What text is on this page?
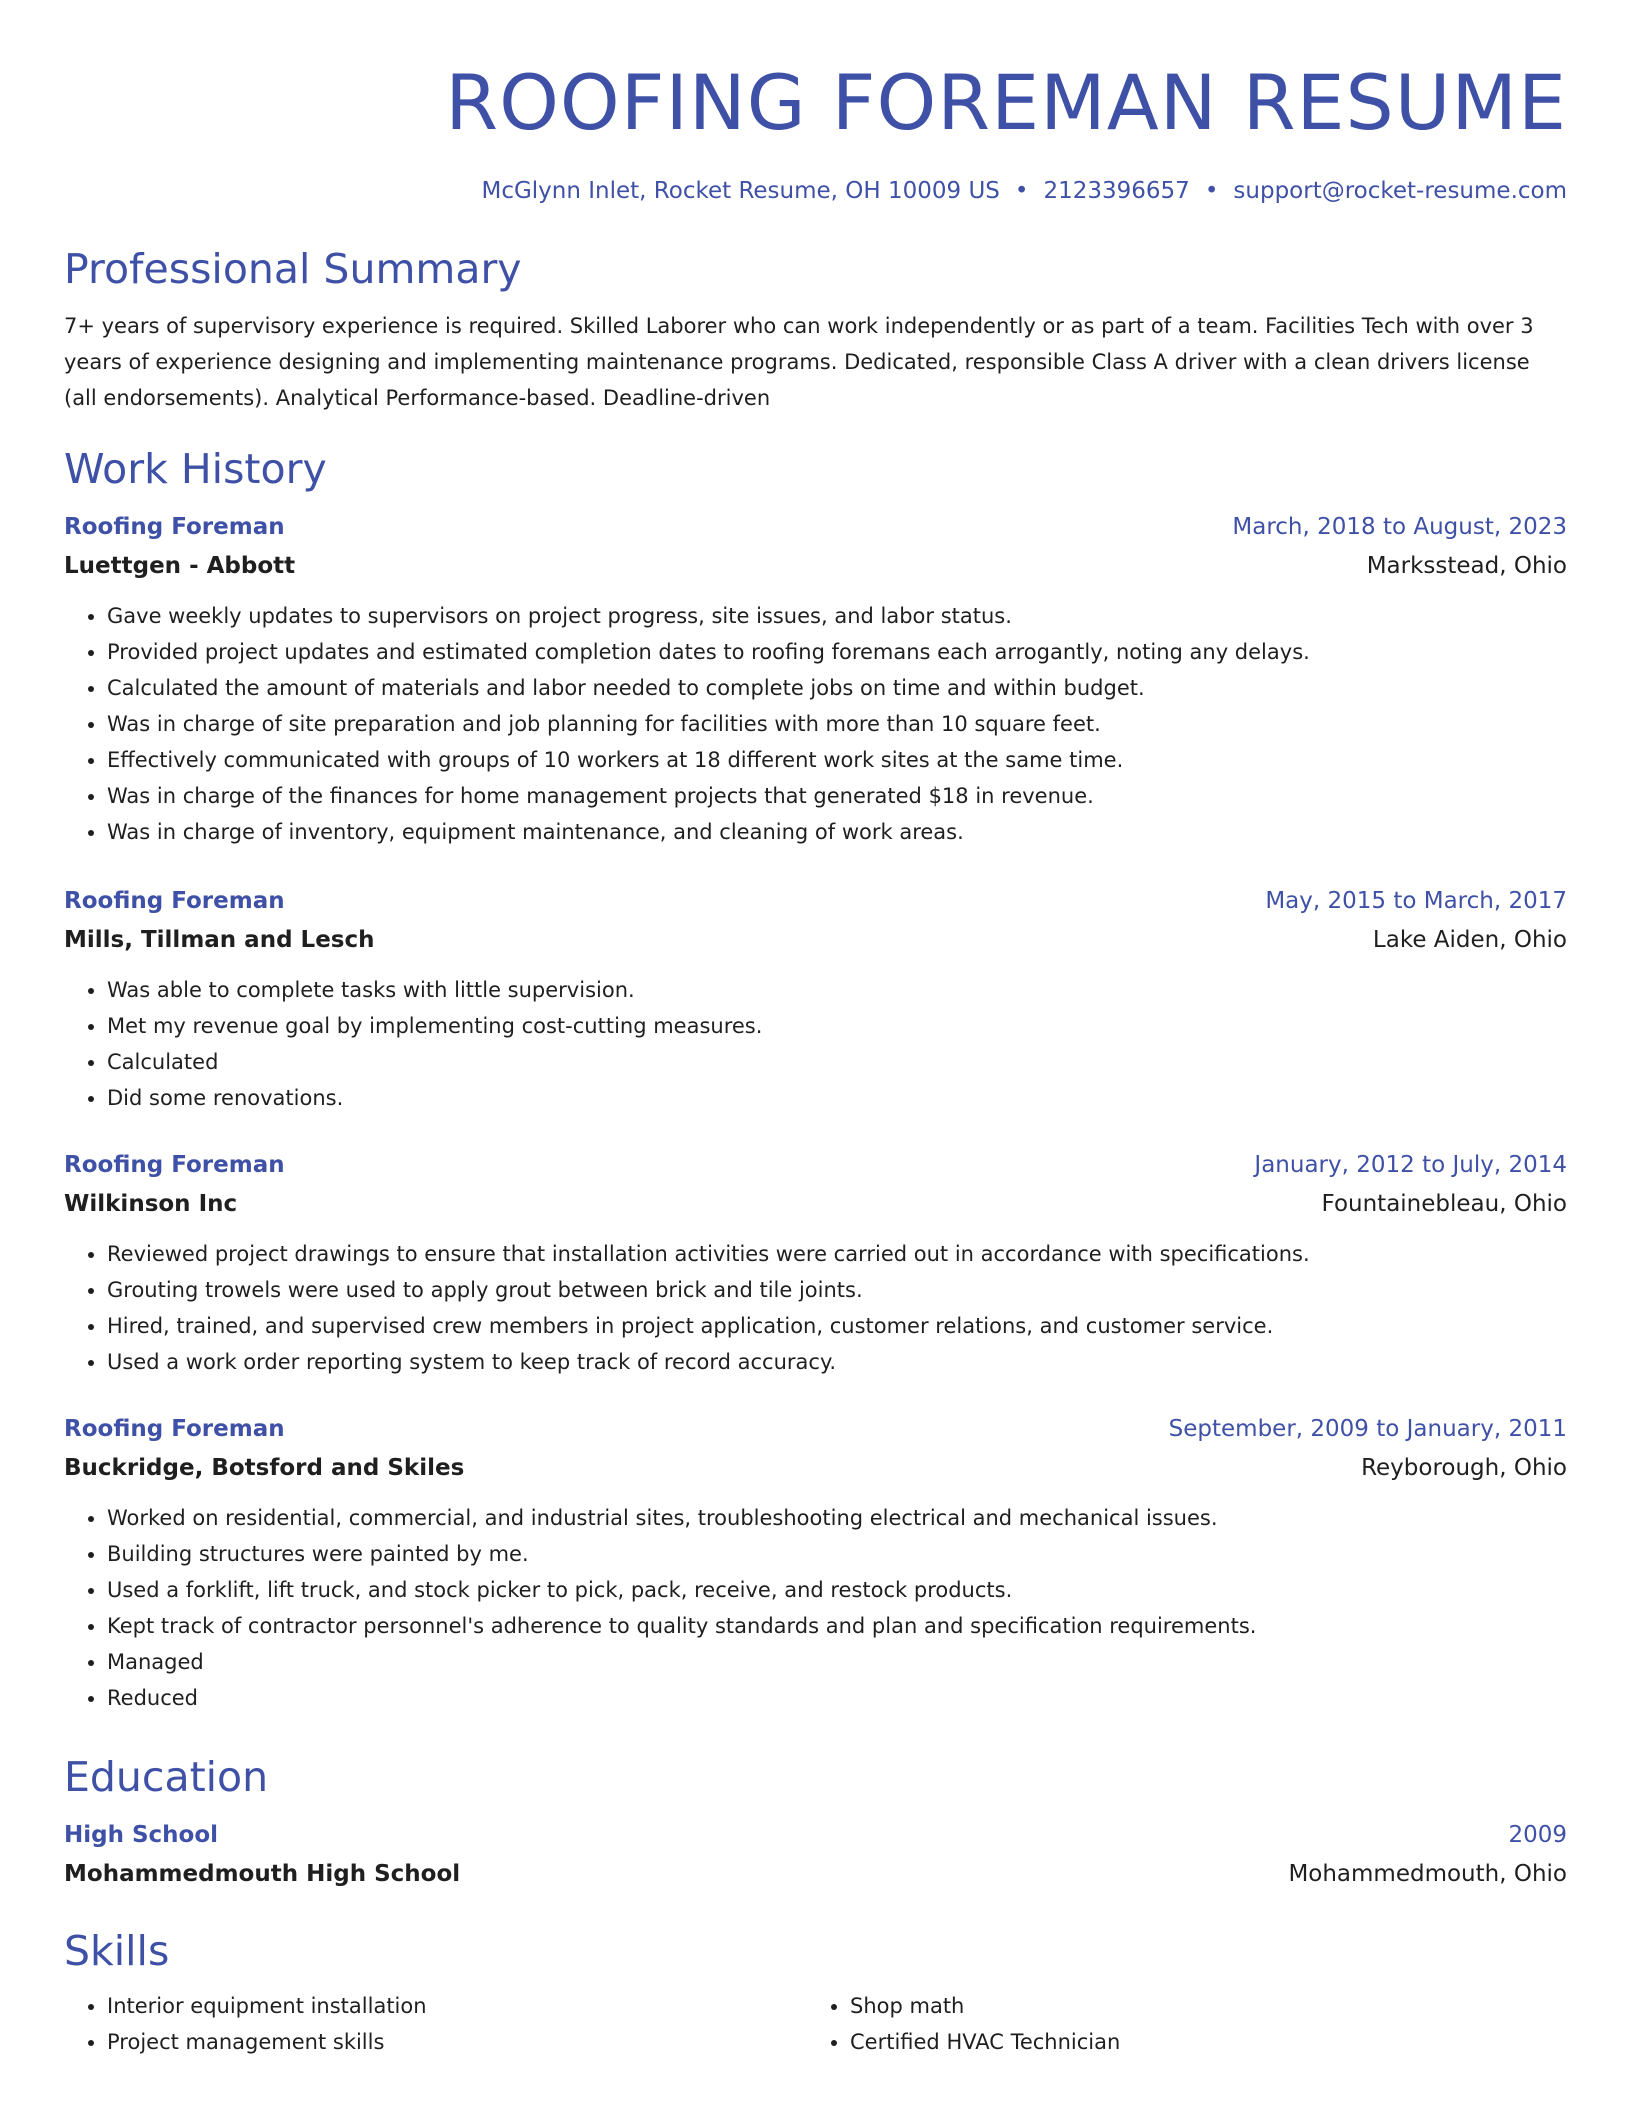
ROOFING FOREMAN RESUME
McGlynn Inlet, Rocket Resume, OH 10009 US • 2123396657 • support@rocket-resume.com
Professional Summary
7+ years of supervisory experience is required. Skilled Laborer who can work independently or as part of a team. Facilities Tech with over 3 years of experience designing and implementing maintenance programs. Dedicated, responsible Class A driver with a clean drivers license (all endorsements). Analytical Performance-based. Deadline-driven
Work History
Roofing Foreman	March, 2018 to August, 2023
Luettgen - Abbott	Marksstead, Ohio
• Gave weekly updates to supervisors on project progress, site issues, and labor status.
• Provided project updates and estimated completion dates to roofing foremans each arrogantly, noting any delays.
• Calculated the amount of materials and labor needed to complete jobs on time and within budget.
• Was in charge of site preparation and job planning for facilities with more than 10 square feet.
• Effectively communicated with groups of 10 workers at 18 different work sites at the same time.
• Was in charge of the finances for home management projects that generated $18 in revenue.
• Was in charge of inventory, equipment maintenance, and cleaning of work areas.
Roofing Foreman	May, 2015 to March, 2017
Mills, Tillman and Lesch	Lake Aiden, Ohio
• Was able to complete tasks with little supervision.
• Met my revenue goal by implementing cost-cutting measures.
• Calculated
• Did some renovations.
Roofing Foreman	January, 2012 to July, 2014
Wilkinson Inc	Fountainebleau, Ohio
• Reviewed project drawings to ensure that installation activities were carried out in accordance with specifications.
• Grouting trowels were used to apply grout between brick and tile joints.
• Hired, trained, and supervised crew members in project application, customer relations, and customer service.
• Used a work order reporting system to keep track of record accuracy.
Roofing Foreman	September, 2009 to January, 2011
Buckridge, Botsford and Skiles	Reyborough, Ohio
• Worked on residential, commercial, and industrial sites, troubleshooting electrical and mechanical issues.
• Building structures were painted by me.
• Used a forklift, lift truck, and stock picker to pick, pack, receive, and restock products.
• Kept track of contractor personnel's adherence to quality standards and plan and specification requirements.
• Managed
• Reduced
Education
High School	2009
Mohammedmouth High School	Mohammedmouth, Ohio
Skills
• Interior equipment installation
• Project management skills
• Shop math
• Certified HVAC Technician
